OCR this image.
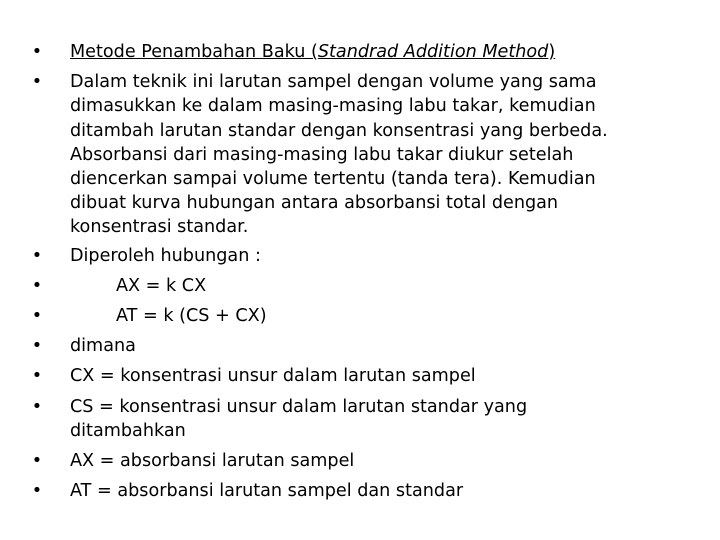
• Metode Penambahan Baku (Standrad Addition Method)
• Dalam teknik ini larutan sampel dengan volume yang sama
dimasukkan ke dalam masing-masing labu takar, kemudian
ditambah larutan standar dengan konsentrasi yang berbeda.
Absorbansi dari masing-masing labu takar diukur setelah
diencerkan sampai volume tertentu (tanda tera). Kemudian
dibuat kurva hubungan antara absorbansi total dengan
konsentrasi standar.
• Diperoleh hubungan :
•	AX = k CX
•	AT = k (CS + CX)
• dimana
• CX = konsentrasi unsur dalam larutan sampel
• CS = konsentrasi unsur dalam larutan standar yang
ditambahkan
• AX = absorbansi larutan sampel
• AT = absorbansi larutan sampel dan standar
